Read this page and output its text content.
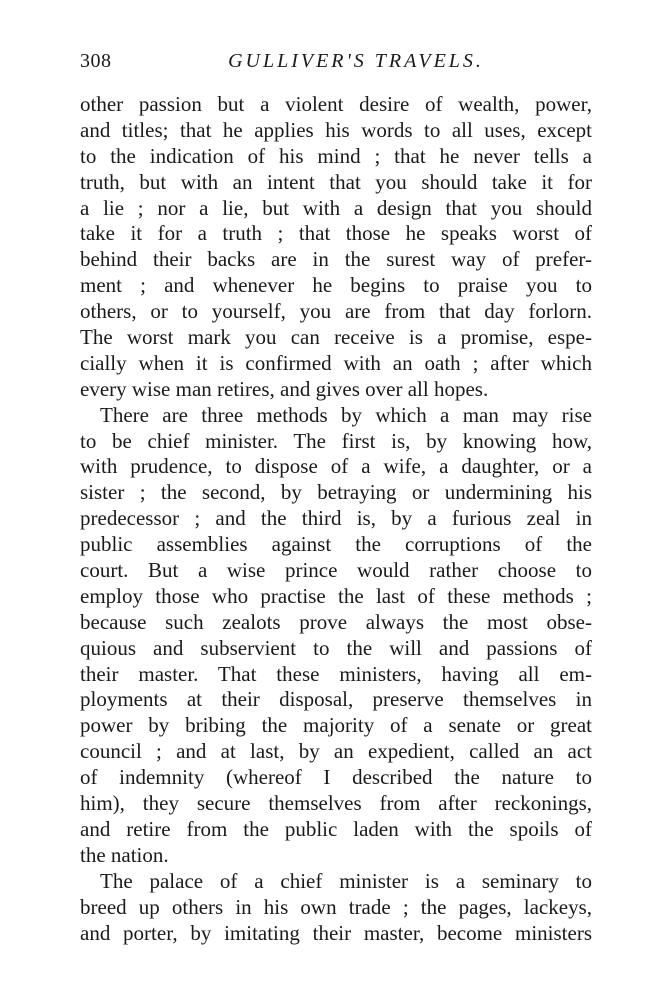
308	GULLIVER'S TRAVELS.
other passion but a violent desire of wealth, power,
and titles; that he applies his words to all uses, except
to the indication of his mind ; that he never tells a
truth, but with an intent that you should take it for
a lie ; nor a lie, but with a design that you should
take it for a truth ; that those he speaks worst of
behind their backs are in the surest way of prefer-
ment ; and whenever he begins to praise you to
others, or to yourself, you are from that day forlorn.
The worst mark you can receive is a promise, espe-
cially when it is confirmed with an oath ; after which
every wise man retires, and gives over all hopes.
There are three methods by which a man may rise
to be chief minister. The first is, by knowing how,
with prudence, to dispose of a wife, a daughter, or a
sister ; the second, by betraying or undermining his
predecessor ; and the third is, by a furious zeal in
public assemblies against the corruptions of the
court. But a wise prince would rather choose to
employ those who practise the last of these methods ;
because such zealots prove always the most obse-
quious and subservient to the will and passions of
their master. That these ministers, having all em-
ployments at their disposal, preserve themselves in
power by bribing the majority of a senate or great
council ; and at last, by an expedient, called an act
of indemnity (whereof I described the nature to
him), they secure themselves from after reckonings,
and retire from the public laden with the spoils of
the nation.
The palace of a chief minister is a seminary to
breed up others in his own trade ; the pages, lackeys,
and porter, by imitating their master, become ministers
